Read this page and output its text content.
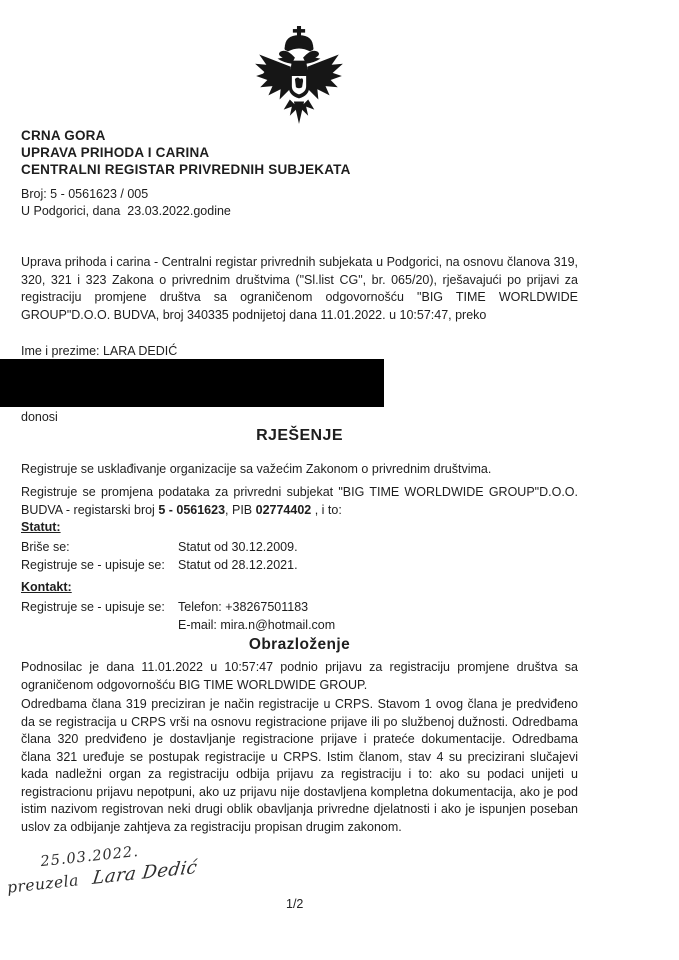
CRNA GORA
UPRAVA PRIHODA I CARINA
CENTRALNI REGISTAR PRIVREDNIH SUBJEKATA
Broj: 5 - 0561623 / 005
U Podgorici, dana  23.03.2022.godine
Uprava prihoda i carina - Centralni registar privrednih subjekata u Podgorici, na osnovu članova 319, 320, 321 i 323 Zakona o privrednim društvima ("Sl.list CG", br. 065/20), rješavajući po prijavi za registraciju promjene društva sa ograničenom odgovornošću "BIG TIME WORLDWIDE GROUP"D.O.O. BUDVA, broj 340335 podnijetoj dana 11.01.2022. u 10:57:47, preko
Ime i prezime: LARA DEDIĆ
donosi
RJEŠENJE
Registruje se usklađivanje organizacije sa važećim Zakonom o privrednim društvima.
Registruje se promjena podataka za privredni subjekat "BIG TIME WORLDWIDE GROUP"D.O.O. BUDVA - registarski broj 5 - 0561623, PIB 02774402 , i to:
Statut:
Briše se:	Statut od 30.12.2009.
Registruje se - upisuje se:	Statut od 28.12.2021.
Kontakt:
Registruje se - upisuje se:	Telefon: +38267501183
E-mail: mira.n@hotmail.com
Obrazloženje
Podnosilac je dana 11.01.2022 u 10:57:47 podnio prijavu za registraciju promjene društva sa ograničenom odgovornošću BIG TIME WORLDWIDE GROUP.
Odredbama člana 319 preciziran je način registracije u CRPS. Stavom 1 ovog člana je predviđeno da se registracija u CRPS vrši na osnovu registracione prijave ili po službenoj dužnosti. Odredbama člana 320 predviđeno je dostavljanje registracione prijave i prateće dokumentacije. Odredbama člana 321 uređuje se postupak registracije u CRPS. Istim članom, stav 4 su precizirani slučajevi kada nadležni organ za registraciju odbija prijavu za registraciju i to: ako su podaci unijeti u registracionu prijavu nepotpuni, ako uz prijavu nije dostavljena kompletna dokumentacija, ako je pod istim nazivom registrovan neki drugi oblik obavljanja privredne djelatnosti i ako je ispunjen poseban uslov za odbijanje zahtjeva za registraciju propisan drugim zakonom.
25.03.2022.
preuzela Lara Dedić
1/2
